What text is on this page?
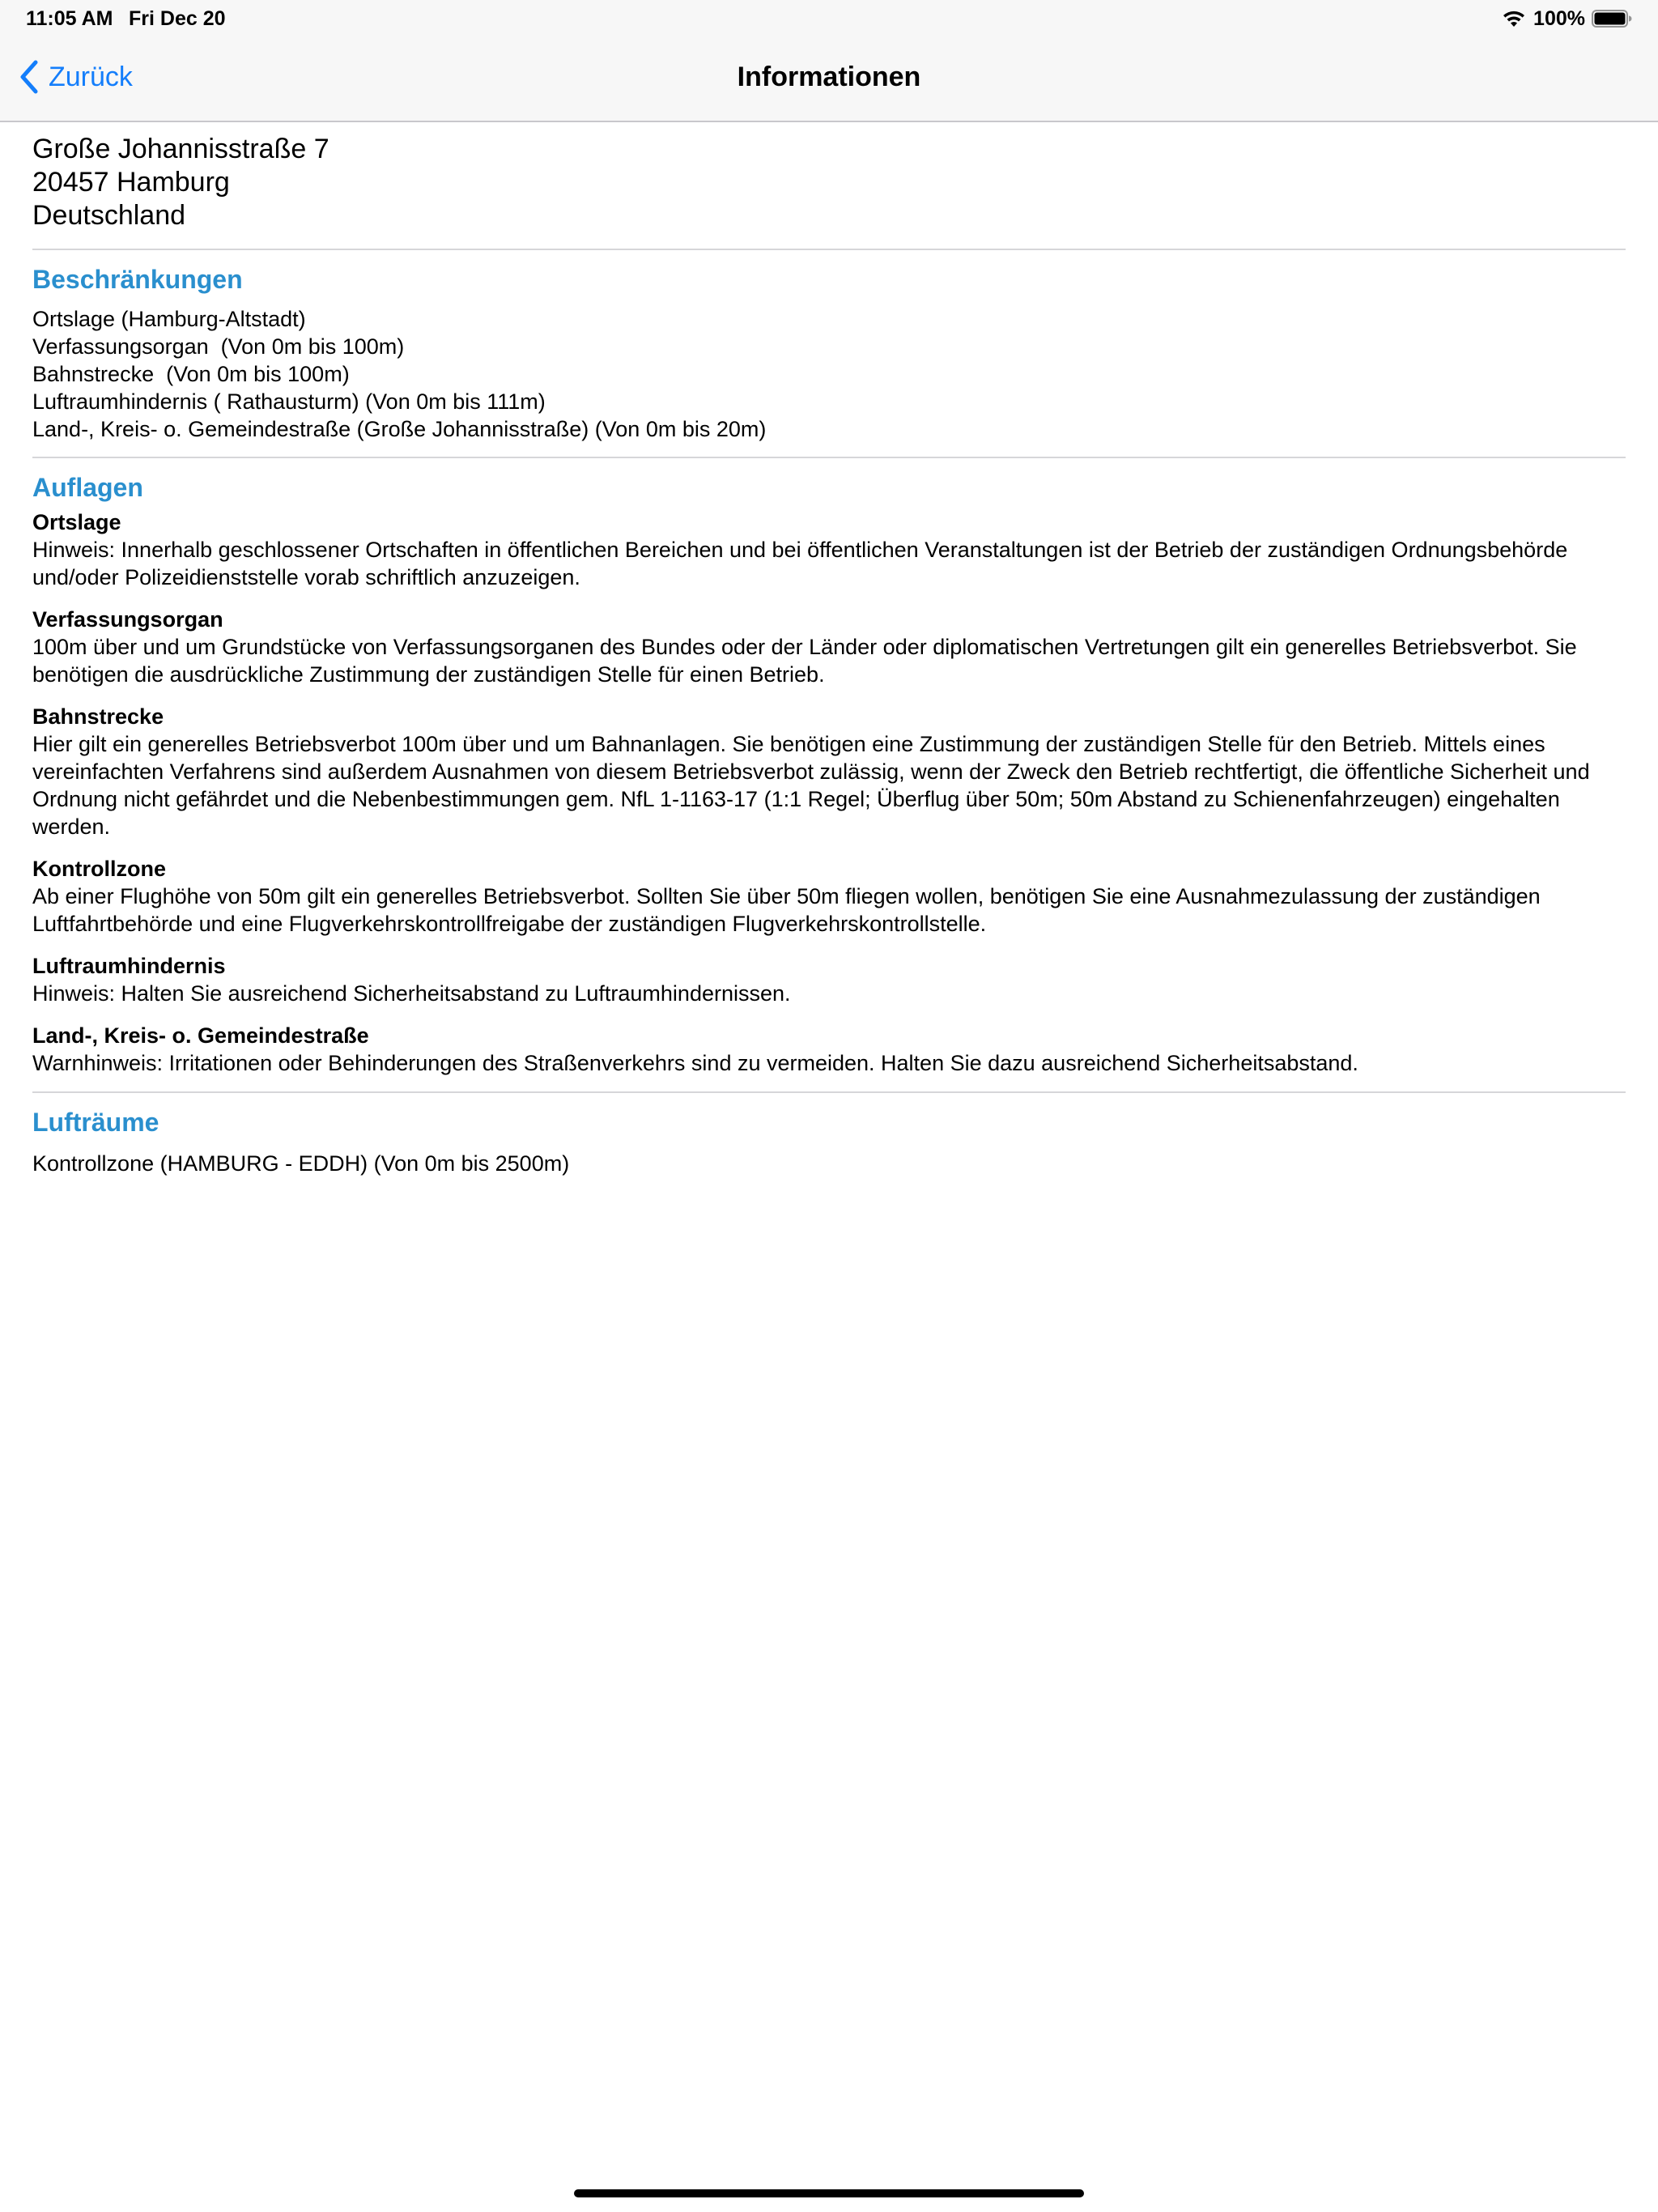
11:05 AM Fri Dec 20	100%
Zurück	Informationen
Große Johannisstraße 7
20457 Hamburg
Deutschland
Beschränkungen
Ortslage (Hamburg-Altstadt)
Verfassungsorgan  (Von 0m bis 100m)
Bahnstrecke  (Von 0m bis 100m)
Luftraumhindernis ( Rathausturm) (Von 0m bis 111m)
Land-, Kreis- o. Gemeindestraße (Große Johannisstraße) (Von 0m bis 20m)
Auflagen
Ortslage
Hinweis: Innerhalb geschlossener Ortschaften in öffentlichen Bereichen und bei öffentlichen Veranstaltungen ist der Betrieb der zuständigen Ordnungsbehörde und/oder Polizeidienststelle vorab schriftlich anzuzeigen.
Verfassungsorgan
100m über und um Grundstücke von Verfassungsorganen des Bundes oder der Länder oder diplomatischen Vertretungen gilt ein generelles Betriebsverbot. Sie benötigen die ausdrückliche Zustimmung der zuständigen Stelle für einen Betrieb.
Bahnstrecke
Hier gilt ein generelles Betriebsverbot 100m über und um Bahnanlagen. Sie benötigen eine Zustimmung der zuständigen Stelle für den Betrieb. Mittels eines vereinfachten Verfahrens sind außerdem Ausnahmen von diesem Betriebsverbot zulässig, wenn der Zweck den Betrieb rechtfertigt, die öffentliche Sicherheit und Ordnung nicht gefährdet und die Nebenbestimmungen gem. NfL 1-1163-17 (1:1 Regel; Überflug über 50m; 50m Abstand zu Schienenfahrzeugen) eingehalten werden.
Kontrollzone
Ab einer Flughöhe von 50m gilt ein generelles Betriebsverbot. Sollten Sie über 50m fliegen wollen, benötigen Sie eine Ausnahmezulassung der zuständigen Luftfahrtbehörde und eine Flugverkehrskontrollfreigabe der zuständigen Flugverkehrskontrollstelle.
Luftraumhindernis
Hinweis: Halten Sie ausreichend Sicherheitsabstand zu Luftraumhindernissen.
Land-, Kreis- o. Gemeindestraße
Warnhinweis: Irritationen oder Behinderungen des Straßenverkehrs sind zu vermeiden. Halten Sie dazu ausreichend Sicherheitsabstand.
Lufträume
Kontrollzone (HAMBURG - EDDH) (Von 0m bis 2500m)
